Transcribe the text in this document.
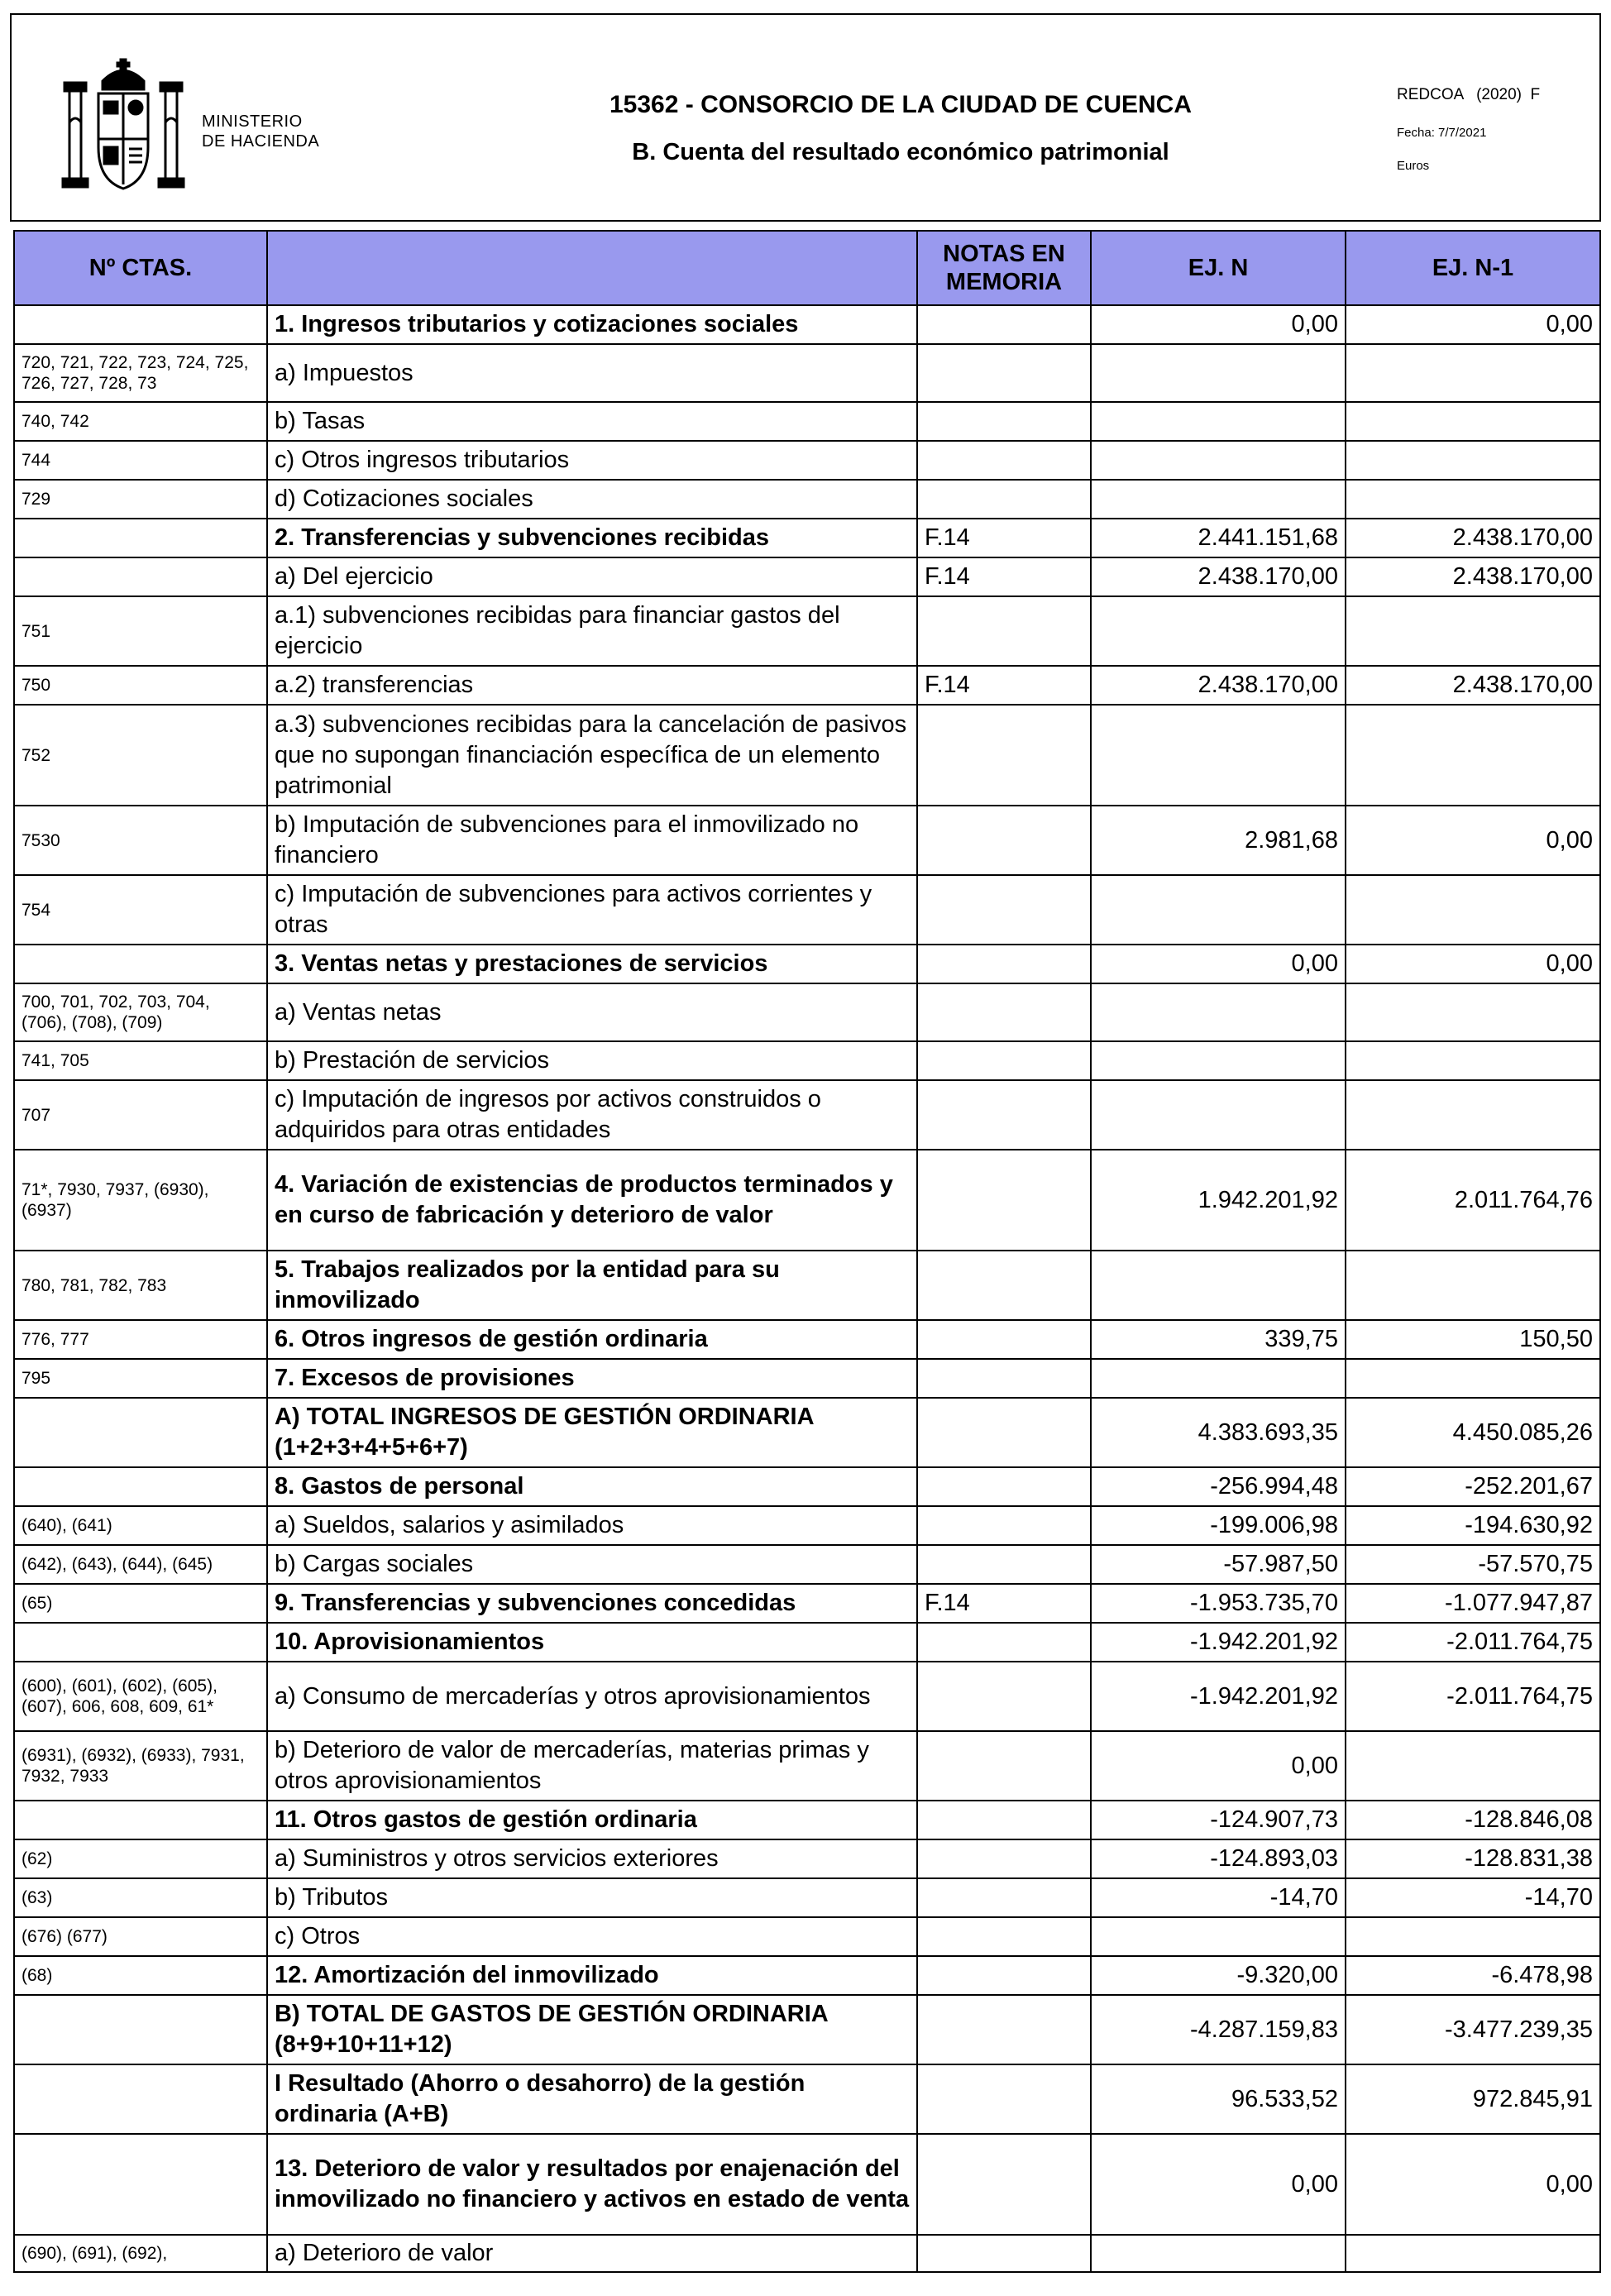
MINISTERIO
DE HACIENDA
15362 - CONSORCIO DE LA CIUDAD DE CUENCA
B. Cuenta del resultado económico patrimonial
REDCOA   (2020)  F
Fecha: 7/7/2021
Euros
Nº CTAS.		NOTAS EN MEMORIA	EJ. N	EJ. N-1
	1. Ingresos tributarios y cotizaciones sociales		0,00	0,00
720, 721, 722, 723, 724, 725, 726, 727, 728, 73	a) Impuestos			
740, 742	b) Tasas			
744	c) Otros ingresos tributarios			
729	d) Cotizaciones sociales			
	2. Transferencias y subvenciones recibidas	F.14	2.441.151,68	2.438.170,00
	a) Del ejercicio	F.14	2.438.170,00	2.438.170,00
751	a.1) subvenciones recibidas para financiar gastos del ejercicio			
750	a.2) transferencias	F.14	2.438.170,00	2.438.170,00
752	a.3) subvenciones recibidas para la cancelación de pasivos que no supongan financiación específica de un elemento patrimonial			
7530	b) Imputación de subvenciones para el inmovilizado no financiero		2.981,68	0,00
754	c) Imputación de subvenciones para activos corrientes y otras			
	3. Ventas netas y prestaciones de servicios		0,00	0,00
700, 701, 702, 703, 704, (706), (708), (709)	a) Ventas netas			
741, 705	b) Prestación de servicios			
707	c) Imputación de ingresos por activos construidos o adquiridos para otras entidades			
71*, 7930, 7937, (6930), (6937)	4. Variación de existencias de productos terminados y en curso de fabricación y deterioro de valor		1.942.201,92	2.011.764,76
780, 781, 782, 783	5. Trabajos realizados por la entidad para su inmovilizado			
776, 777	6. Otros ingresos de gestión ordinaria		339,75	150,50
795	7. Excesos de provisiones			
	A) TOTAL INGRESOS DE GESTIÓN ORDINARIA (1+2+3+4+5+6+7)		4.383.693,35	4.450.085,26
	8. Gastos de personal		-256.994,48	-252.201,67
(640), (641)	a) Sueldos, salarios y asimilados		-199.006,98	-194.630,92
(642), (643), (644), (645)	b) Cargas sociales		-57.987,50	-57.570,75
(65)	9. Transferencias y subvenciones concedidas	F.14	-1.953.735,70	-1.077.947,87
	10. Aprovisionamientos		-1.942.201,92	-2.011.764,75
(600), (601), (602), (605), (607), 606, 608, 609, 61*	a) Consumo de mercaderías y otros aprovisionamientos		-1.942.201,92	-2.011.764,75
(6931), (6932), (6933), 7931, 7932, 7933	b) Deterioro de valor de mercaderías, materias primas y otros aprovisionamientos		0,00	
	11. Otros gastos de gestión ordinaria		-124.907,73	-128.846,08
(62)	a) Suministros y otros servicios exteriores		-124.893,03	-128.831,38
(63)	b) Tributos		-14,70	-14,70
(676) (677)	c) Otros			
(68)	12. Amortización del inmovilizado		-9.320,00	-6.478,98
	B) TOTAL DE GASTOS DE GESTIÓN ORDINARIA (8+9+10+11+12)		-4.287.159,83	-3.477.239,35
	I Resultado (Ahorro o desahorro) de la gestión ordinaria (A+B)		96.533,52	972.845,91
	13. Deterioro de valor y resultados por enajenación del inmovilizado no financiero y activos en estado de venta		0,00	0,00
(690), (691), (692),	a) Deterioro de valor			
